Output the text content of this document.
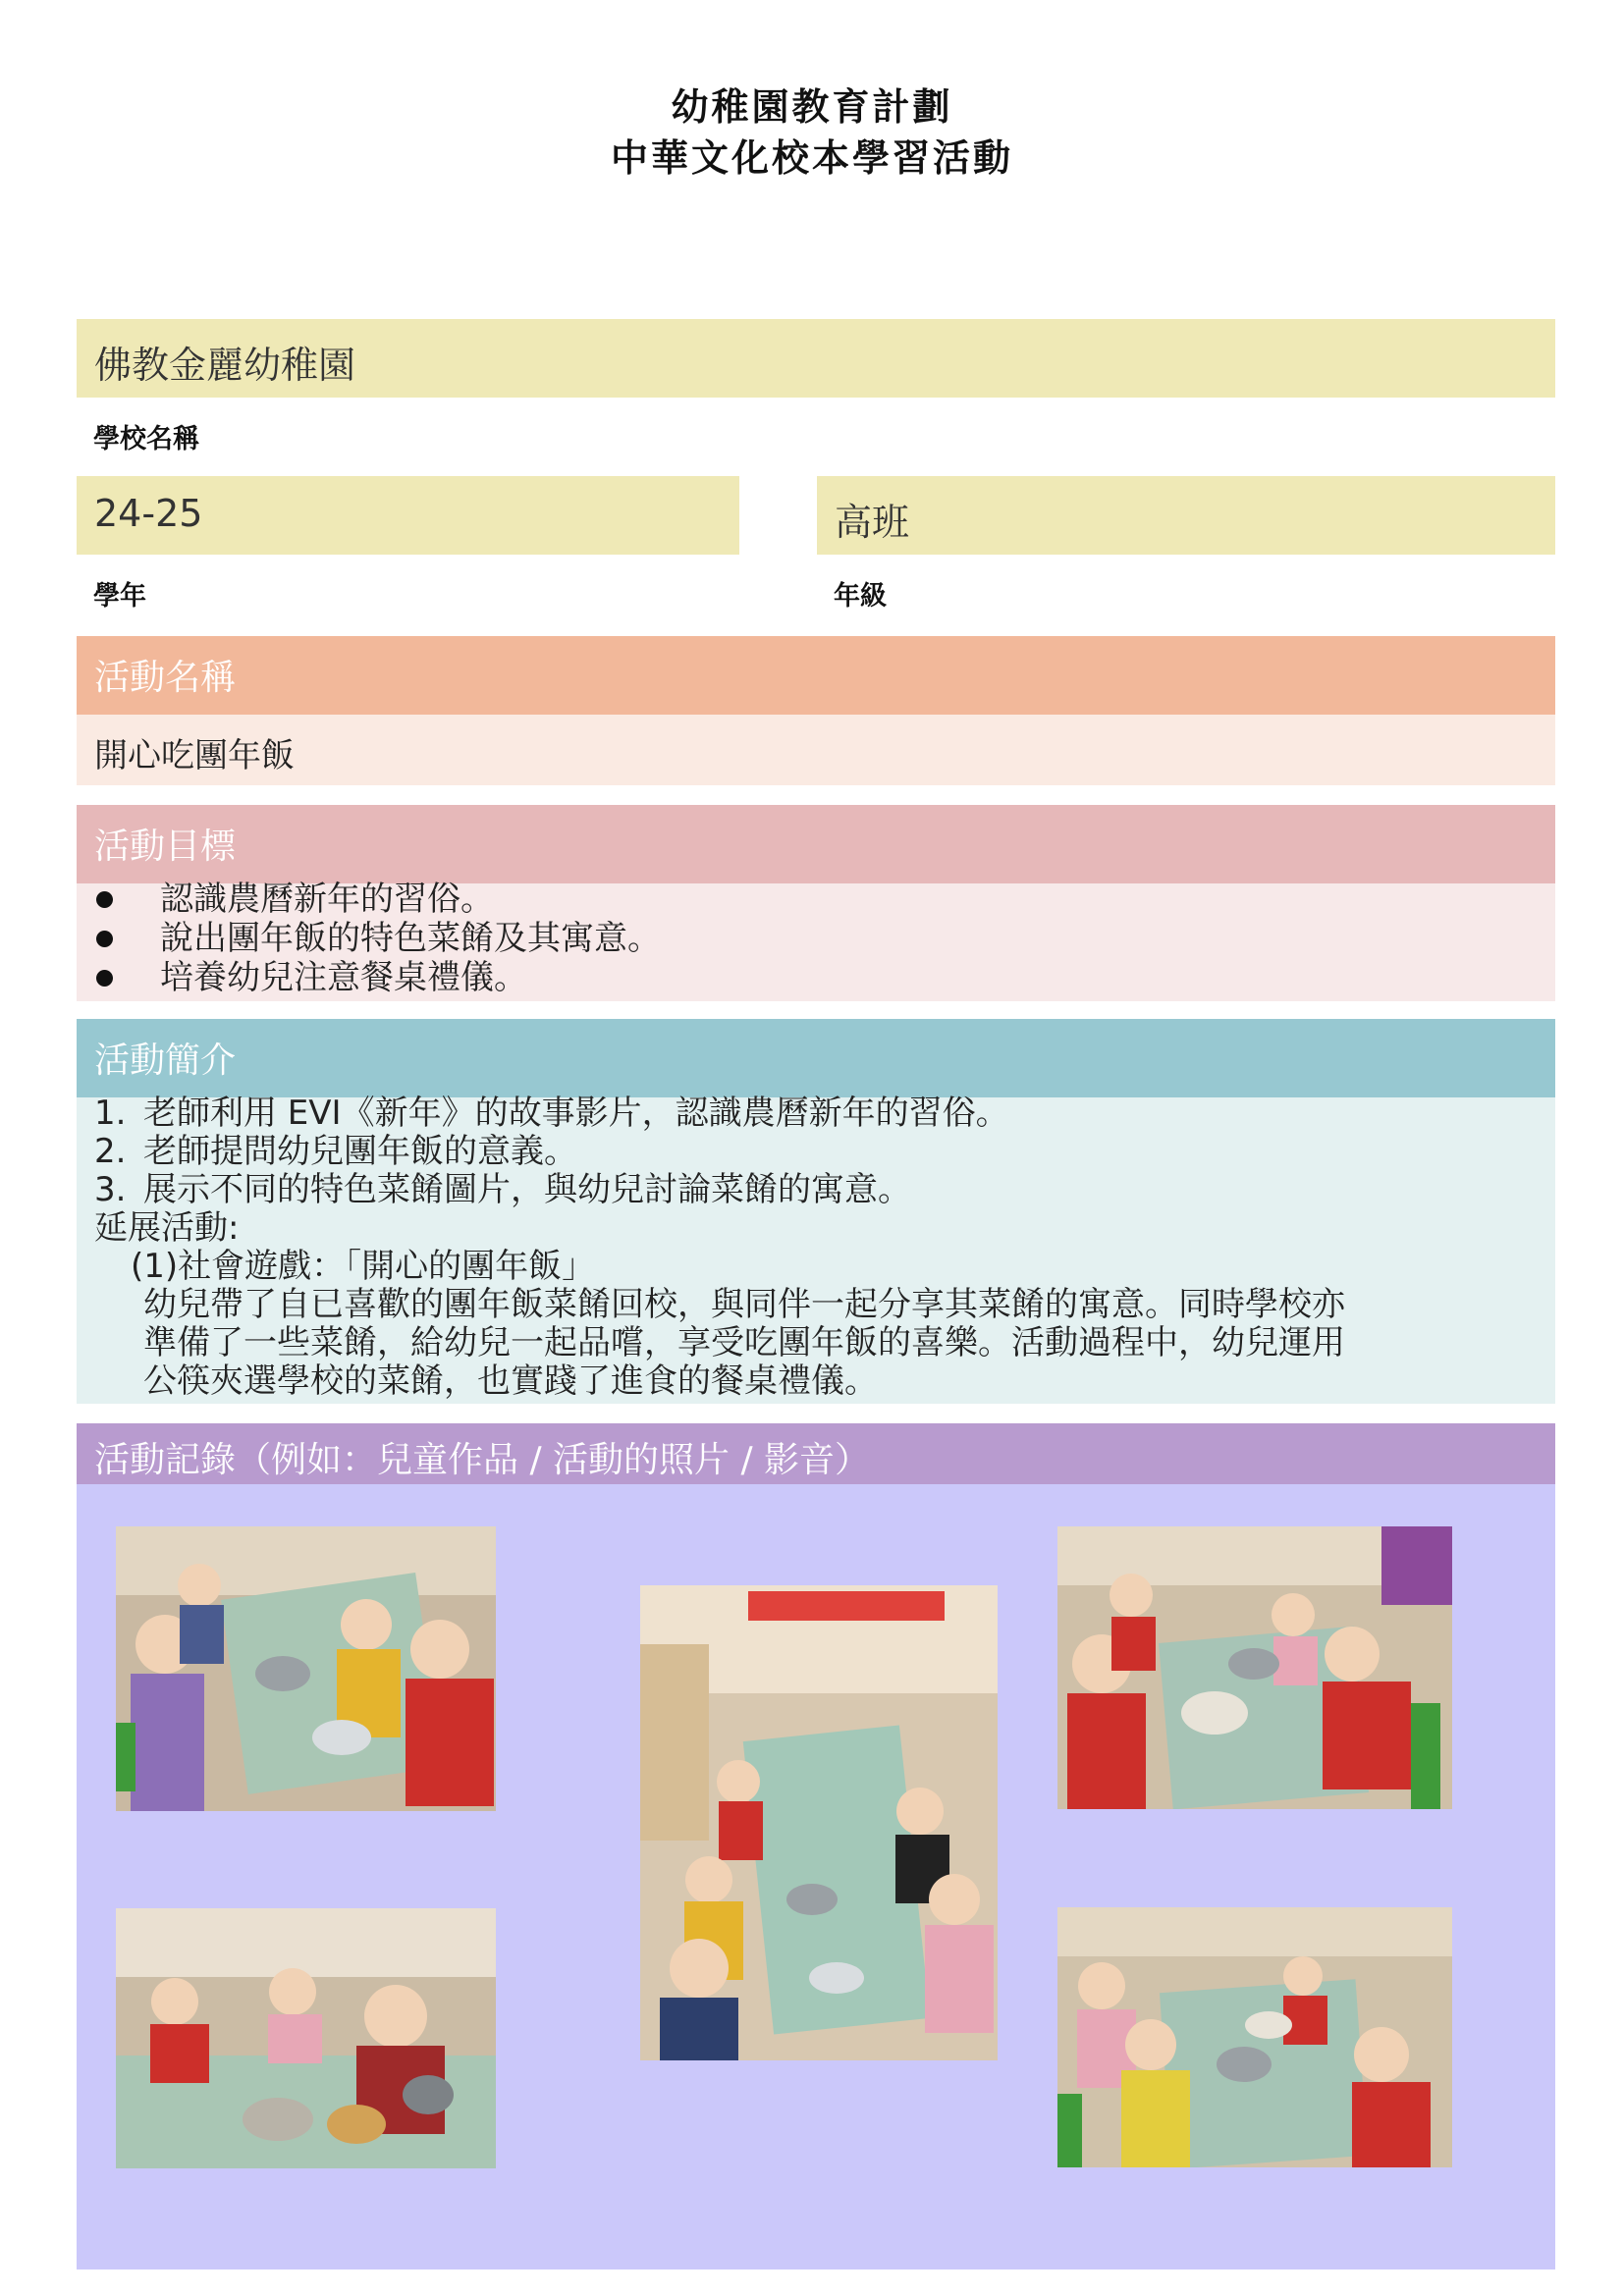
幼稚園教育計劃
中華文化校本學習活動
佛教金麗幼稚園
學校名稱
24-25
學年
高班
年級
活動名稱
開心吃團年飯
活動目標
認識農曆新年的習俗。
說出團年飯的特色菜餚及其寓意。
培養幼兒注意餐桌禮儀。
活動簡介
1. 老師利用 EVI《新年》的故事影片，認識農曆新年的習俗。
2. 老師提問幼兒團年飯的意義。
3. 展示不同的特色菜餚圖片，與幼兒討論菜餚的寓意。
延展活動:
(1)社會遊戲：「開心的團年飯」
幼兒帶了自已喜歡的團年飯菜餚回校，與同伴一起分享其菜餚的寓意。同時學校亦
準備了一些菜餚，給幼兒一起品嚐，享受吃團年飯的喜樂。活動過程中，幼兒運用
公筷夾選學校的菜餚，也實踐了進食的餐桌禮儀。
活動記錄（例如：兒童作品 / 活動的照片 / 影音）
